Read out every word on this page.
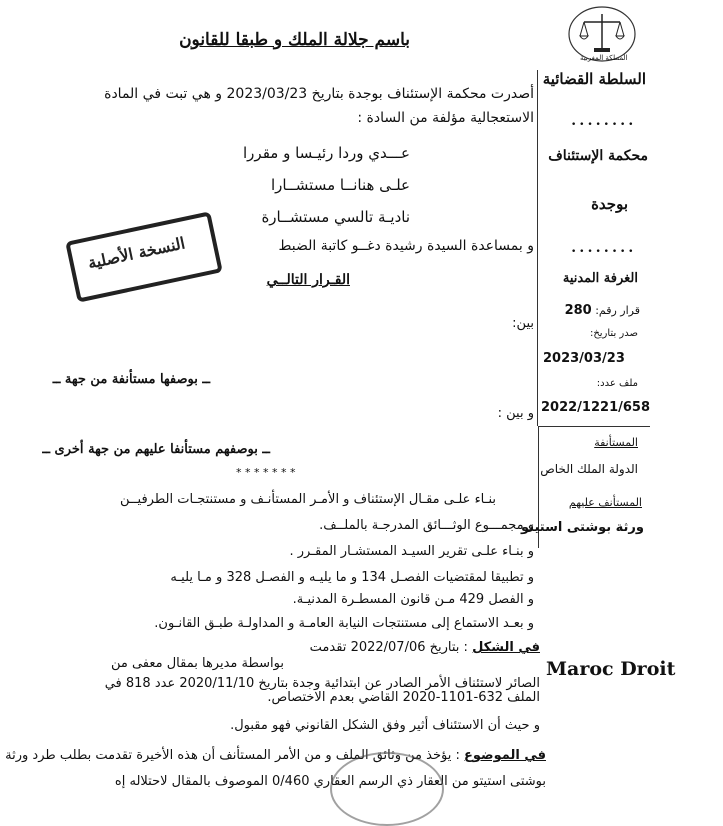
المملكة المغربية
السلطة القضائية
• • • • • • • •
محكمة الإستئناف
بوجدة
• • • • • • • •
الغرفة المدنية
قرار رقم: 280
صدر بتاريخ:
2023/03/23
ملف عدد:
2022/1221/658
المستأنفة
الدولة الملك الخاص
المستأنف عليهم
ورثة بوشتى استيتو
باسم جلالة الملك و طبقا للقانون
أصدرت محكمة الإستئناف بوجدة بتاريخ 2023/03/23 و هي تبت في المادة
الاستعجالية مؤلفة من السادة :
عـــدي وردا رئيـسا و مقررا
علـى هنانــا مستشــارا
ناديـة تالسي مستشــارة
و بمساعدة السيدة رشيدة دغــو كاتبة الضبط
النسخة الأصلية
القـرار التالــي
بين:
ــ بوصفها مستأنفة من جهة ــ
و بين :
ــ بوصفهم مستأنفا عليهم من جهة أخرى ــ
* * * * * * *
بنـاء علـى مقـال الإستئناف و الأمـر المستأنـف و مستنتجـات الطرفيــن
و مجمـــوع الوثـــائق المدرجـة بالملــف.
و بنـاء علـى تقرير السيـد المستشـار المقـرر .
و تطبيقا لمقتضيات الفصـل 134 و ما يليـه و الفصـل 328 و مـا يليـه
و الفصل 429 مـن قانون المسطـرة المدنيـة.
و بعـد الاستماع إلى مستنتجات النيابة العامـة و المداولـة طبـق القانـون.
في الشكل : بتاريخ 2022/07/06 تقدمت
بواسطة مديرها بمقال معفى من
الصائر لاستئناف الأمر الصادر عن ابتدائية وجدة بتاريخ 2020/11/10 عدد 818 في
الملف 632-1101-2020 القاضي بعدم الاختصاص.
و حيث أن الاستئناف أثير وفق الشكل القانوني فهو مقبول.
في الموضوع : يؤخذ من وثائق الملف و من الأمر المستأنف أن هذه الأخيرة تقدمت بطلب طرد ورثة
بوشتى استيتو من العقار ذي الرسم العقاري 0/460 الموصوف بالمقال لاحتلاله إه
Maroc Droit
